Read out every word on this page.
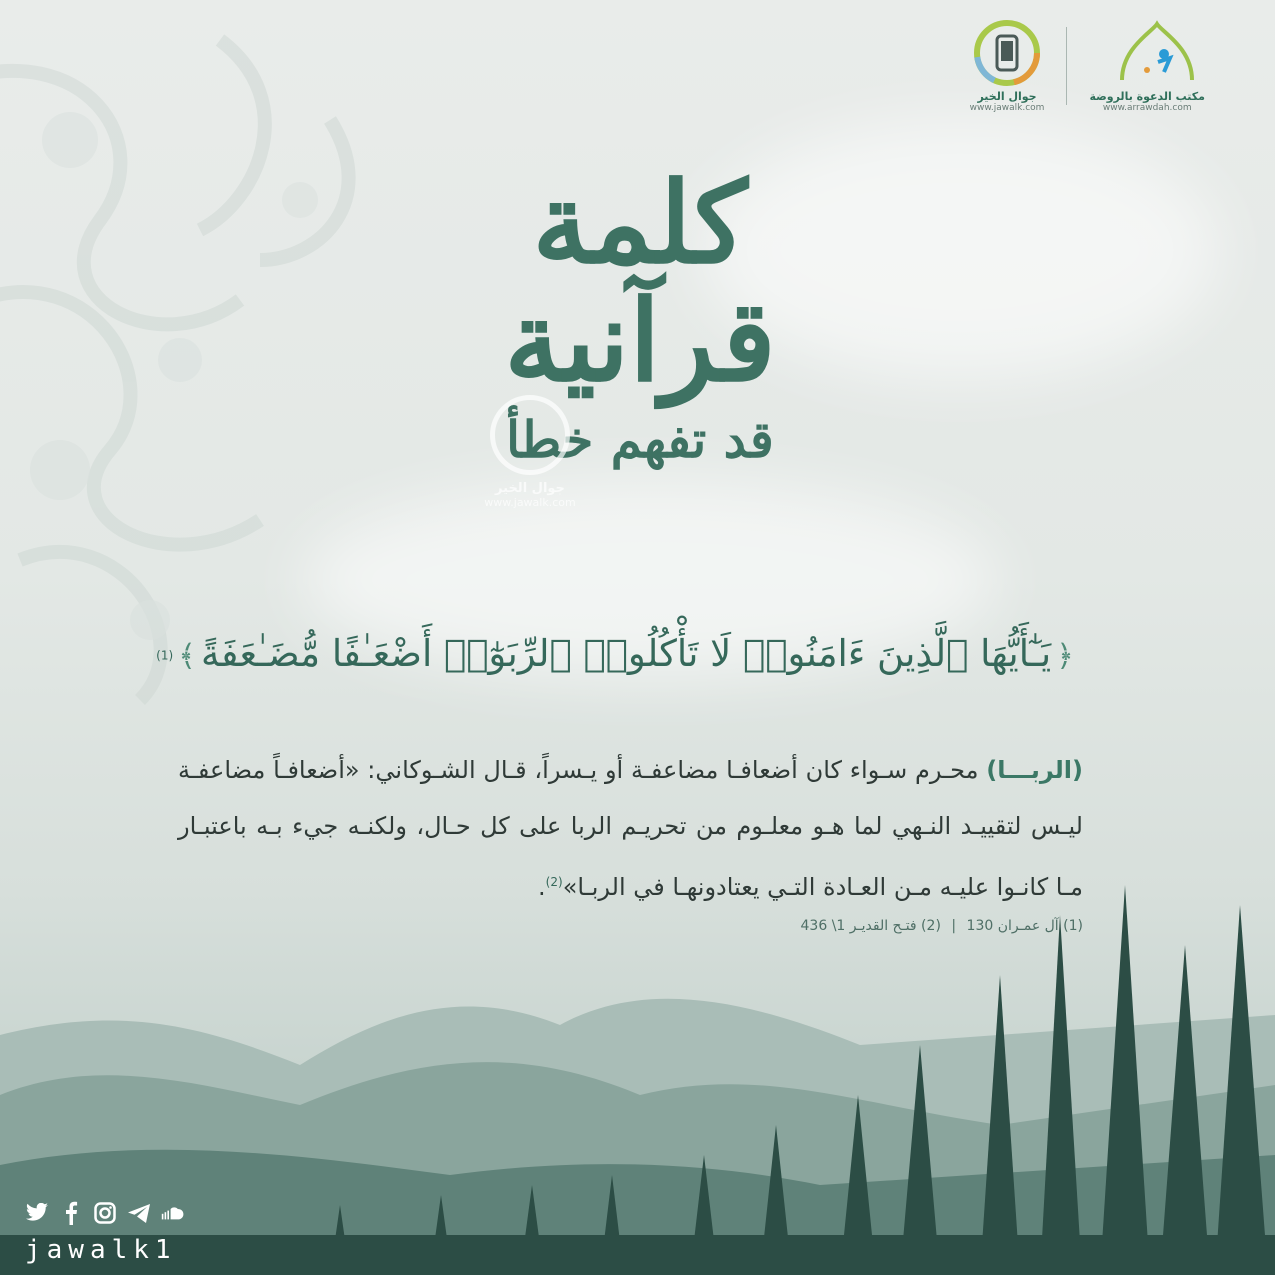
جوال الخير
www.jawalk.com
مكتب الدعوة بالروضة
www.arrawdah.com
كلمة قرآنية
قد تفهم خطأ
جوال الخير
www.jawalk.com
﴿ يَـٰٓأَيُّهَا ٱلَّذِينَ ءَامَنُوا۟ لَا تَأْكُلُوا۟ ٱلرِّبَوٰٓا۟ أَضْعَـٰفًا مُّضَـٰعَفَةً ﴾ $^{(1)}$
(الربـــا) محـرم سـواء كان أضعافـا مضاعفـة أو يـسراً، قـال الشـوكاني: «أضعافـاً مضاعفـة ليـس لتقييـد النـهي لما هـو معلـوم من تحريـم الربا على كل حـال، ولكنـه جيء بـه باعتبـار مـا كانـوا عليـه مـن العـادة التـي يعتادونهـا في الربـا»$^{(2)}$.
(1) آل عمـران 130 | (2) فتـح القديـر 1\ 436
jawalk1
